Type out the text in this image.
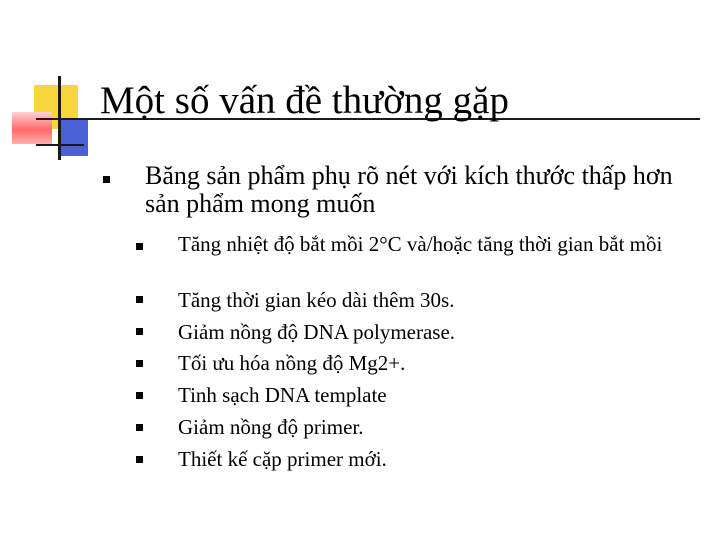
Một số vấn đề thường gặp
Băng sản phẩm phụ rõ nét với kích thước thấp hơn sản phẩm mong muốn
Tăng nhiệt độ bắt mồi 2°C và/hoặc tăng thời gian bắt mồi
Tăng thời gian kéo dài thêm 30s.
Giảm nồng độ DNA polymerase.
Tối ưu hóa nồng độ Mg2+.
Tinh sạch DNA template
Giảm nồng độ primer.
Thiết kế cặp primer mới.
